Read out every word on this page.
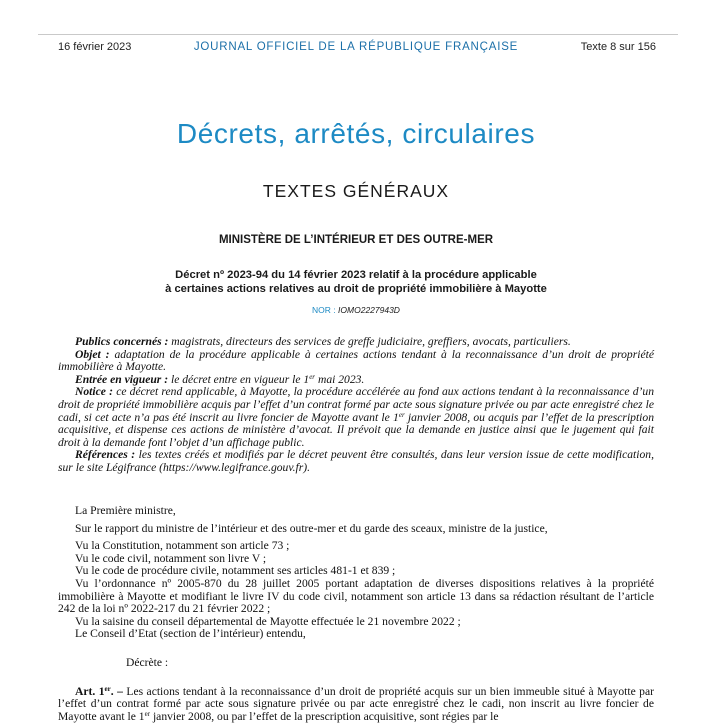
16 février 2023	JOURNAL OFFICIEL DE LA RÉPUBLIQUE FRANÇAISE	Texte 8 sur 156
Décrets, arrêtés, circulaires
TEXTES GÉNÉRAUX
MINISTÈRE DE L’INTÉRIEUR ET DES OUTRE-MER
Décret nº 2023-94 du 14 février 2023 relatif à la procédure applicable
à certaines actions relatives au droit de propriété immobilière à Mayotte
NOR : IOMO2227943D

Publics concernés : magistrats, directeurs des services de greffe judiciaire, greffiers, avocats, particuliers.

Objet : adaptation de la procédure applicable à certaines actions tendant à la reconnaissance d’un droit de propriété immobilière à Mayotte.

Entrée en vigueur : le décret entre en vigueur le 1er mai 2023.

Notice : ce décret rend applicable, à Mayotte, la procédure accélérée au fond aux actions tendant à la reconnaissance d’un droit de propriété immobilière acquis par l’effet d’un contrat formé par acte sous signature privée ou par acte enregistré chez le cadi, si cet acte n’a pas été inscrit au livre foncier de Mayotte avant le 1er janvier 2008, ou acquis par l’effet de la prescription acquisitive, et dispense ces actions de ministère d’avocat. Il prévoit que la demande en justice ainsi que le jugement qui fait droit à la demande font l’objet d’un affichage public.

Références : les textes créés et modifiés par le décret peuvent être consultés, dans leur version issue de cette modification, sur le site Légifrance (https://www.legifrance.gouv.fr).

La Première ministre,

Sur le rapport du ministre de l’intérieur et des outre-mer et du garde des sceaux, ministre de la justice,

Vu la Constitution, notamment son article 73 ;

Vu le code civil, notamment son livre V ;

Vu le code de procédure civile, notamment ses articles 481-1 et 839 ;

Vu l’ordonnance nº 2005-870 du 28 juillet 2005 portant adaptation de diverses dispositions relatives à la propriété immobilière à Mayotte et modifiant le livre IV du code civil, notamment son article 13 dans sa rédaction résultant de l’article 242 de la loi nº 2022-217 du 21 février 2022 ;

Vu la saisine du conseil départemental de Mayotte effectuée le 21 novembre 2022 ;

Le Conseil d’Etat (section de l’intérieur) entendu,

Décrète :

Art. 1er. – Les actions tendant à la reconnaissance d’un droit de propriété acquis sur un bien immeuble situé à Mayotte par l’effet d’un contrat formé par acte sous signature privée ou par acte enregistré chez le cadi, non inscrit au livre foncier de Mayotte avant le 1er janvier 2008, ou par l’effet de la prescription acquisitive, sont régies par le
